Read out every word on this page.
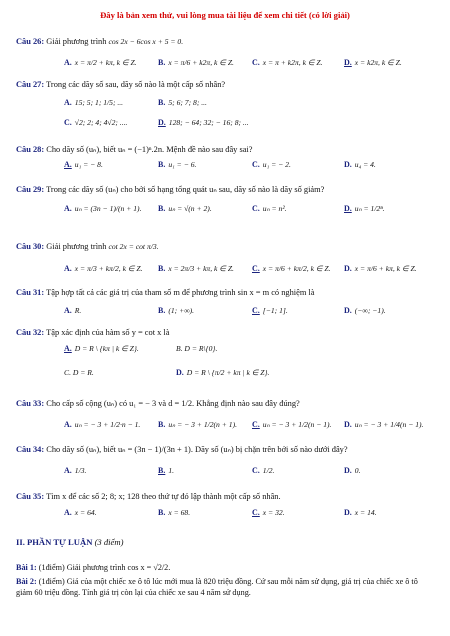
Đây là bản xem thử, vui lòng mua tài liệu để xem chi tiết (có lời giải)
Câu 26: Giải phương trình cos 2x − 6cos x + 5 = 0.
A. x = π/2 + kπ, k ∈ Z.	B. x = π/6 + k2π, k ∈ Z. C. x = π + k2π, k ∈ Z.	D. x = k2π, k ∈ Z.
Câu 27: Trong các dãy số sau, dãy số nào là một cấp số nhân?
A. 15; 5; 1; 1/5; ...	B. 5; 6; 7; 8; ...
C. √2; 2; 4; 4√2; ....	D. 128; − 64; 32; − 16; 8; ...
Câu 28: Cho dãy số (uₙ), biết uₙ = (−1)ⁿ.2n. Mệnh đề nào sau đây sai?
A. u₁ = − 8.	B. u₁ = − 6.	C. u₁ = − 2.	D. u₄ = 4.
Câu 29: Trong các dãy số (uₙ) cho bởi số hạng tổng quát uₙ sau, dãy số nào là dãy số giảm?
A. uₙ = (3n − 1)/(n + 1). B. uₙ = √(n + 2).	C. uₙ = n².	D. uₙ = 1/2ⁿ.
Câu 30: Giải phương trình cot 2x = cot π/3.
A. x = π/3 + kπ/2, k ∈ Z. B. x = 2π/3 + kπ, k ∈ Z. C. x = π/6 + kπ/2, k ∈ Z. D. x = π/6 + kπ, k ∈ Z.
Câu 31: Tập hợp tất cả các giá trị của tham số m để phương trình sin x = m có nghiệm là
A. R.	B. (1; +∞).	C. [−1; 1].	D. (−∞; −1).
Câu 32: Tập xác định của hàm số y = cot x là
A. D = R \ {kπ | k ∈ Z}.	B. D = R\{0}.
C. D = R.	D. D = R \ {π/2 + kπ | k ∈ Z}.
Câu 33: Cho cấp số cộng (uₙ) có u₁ = − 3 và d = 1/2. Khẳng định nào sau đây đúng?
A. uₙ = − 3 + 1/2·n − 1. B. uₙ = − 3 + 1/2(n + 1). C. uₙ = − 3 + 1/2(n − 1). D. uₙ = − 3 + 1/4(n − 1).
Câu 34: Cho dãy số (uₙ), biết uₙ = (3n − 1)/(3n + 1). Dãy số (uₙ) bị chặn trên bởi số nào dưới đây?
A. 1/3.	B. 1.	C. 1/2.	D. 0.
Câu 35: Tìm x để các số 2; 8; x; 128 theo thứ tự đó lập thành một cấp số nhân.
A. x = 64.	B. x = 68.	C. x = 32.	D. x = 14.
II. PHẦN TỰ LUẬN (3 điểm)
Bài 1: (1điểm) Giải phương trình cos x = √2/2.
Bài 2: (1điểm) Giá của một chiếc xe ô tô lúc mới mua là 820 triệu đồng. Cứ sau mỗi năm sử dụng, giá trị của chiếc xe ô tô giảm 60 triệu đồng. Tính giá trị còn lại của chiếc xe sau 4 năm sử dụng.
